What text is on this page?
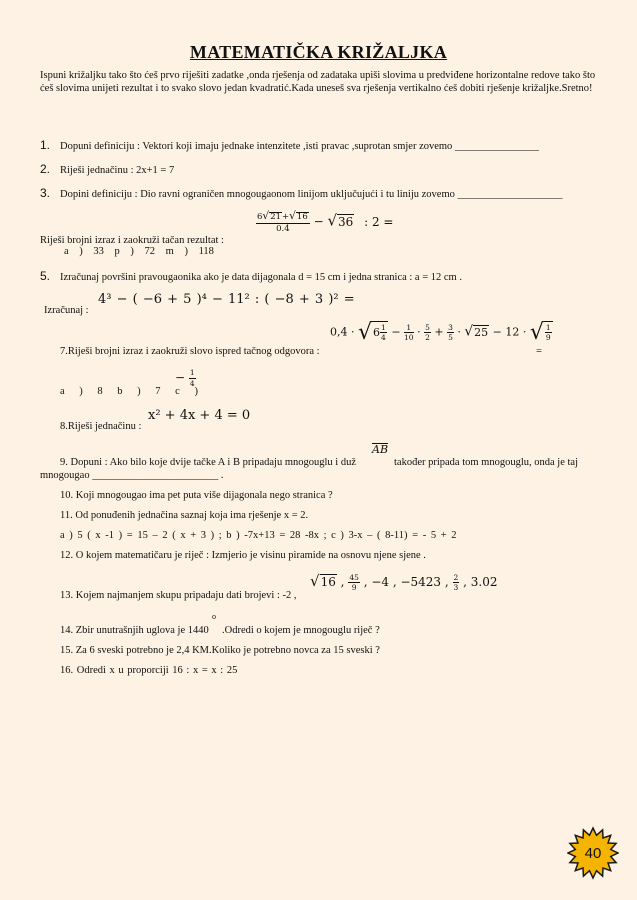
MATEMATIČKA KRIŽALJKA
Ispuni križaljku tako što ćeš prvo riješiti zadatke ,onda rješenja od zadataka upiši slovima u predviđene horizontalne redove tako što ćeš slovima unijeti rezultat i to svako slovo jedan kvadratić.Kada uneseš sva rješenja vertikalno ćeš dobiti rješenje križaljke.Sretno!
1. Dopuni definiciju : Vektori koji imaju jednake intenzitete ,isti pravac ,suprotan smjer zovemo ________________
2. Riješi jednačinu : 2x+1 = 7
3. Dopini definiciju : Dio ravni ograničen mnogougaonom linijom uključujući i tu liniju zovemo ____________________
$\frac{6√21+√16}{0.4} - √36$ : 2 =
Riješi brojni izraz i zaokruži tačan rezultat :
a ) 33 p ) 72 m ) 118
5. Izračunaj površini pravougaonika ako je data dijagonala d = 15 cm i jedna stranica : a = 12 cm .
Izračunaj :
4³ − ( −6 + 5 )⁴ − 11² : ( −8 + 3 )² =
$0,4 \cdot √6 \frac{1}{4} - \frac{1}{10} \cdot \frac{5}{2} + \frac{3}{5} \cdot √25 - 12$ · √ $\frac{1}{9}$
7.Riješi brojni izraz i zaokruži slovo ispred tačnog odgovora :	=
a ) 8 b ) 7 c )
− $\frac{1}{4}$
8.Riješi jednačinu :
x² + 4x + 4 = 0
9. Dopuni : Ako bilo koje dvije tačke A i B pripadaju mnogouglu i duž
AB
također pripada tom mnogouglu, onda je taj
mnogougao ________________________ .
10. Koji mnogougao ima pet puta više dijagonala nego stranica ?
11. Od ponuđenih jednačina saznaj koja ima rješenje x = 2.
a ) 5 ( x -1 ) = 15 – 2 ( x + 3 ) ; b ) -7x+13 = 28 -8x ; c ) 3-x – ( 8-11) = - 5 + 2
12. O kojem matematičaru je riječ : Izmjerio je visinu piramide na osnovu njene sjene .
13. Kojem najmanjem skupu pripadaju dati brojevi : -2 ,
√16 , $\frac{45}{9}$ , −4 , −5423 , $\frac{2}{3}$ , 3.02
14. Zbir unutrašnjih uglova je 1440
o
.Odredi o kojem je mnogouglu riječ ?
15. Za 6 sveski potrebno je 2,4 KM.Koliko je potrebno novca za 15 sveski ?
16. Odredi x u proporciji 16 : x = x : 25
40
